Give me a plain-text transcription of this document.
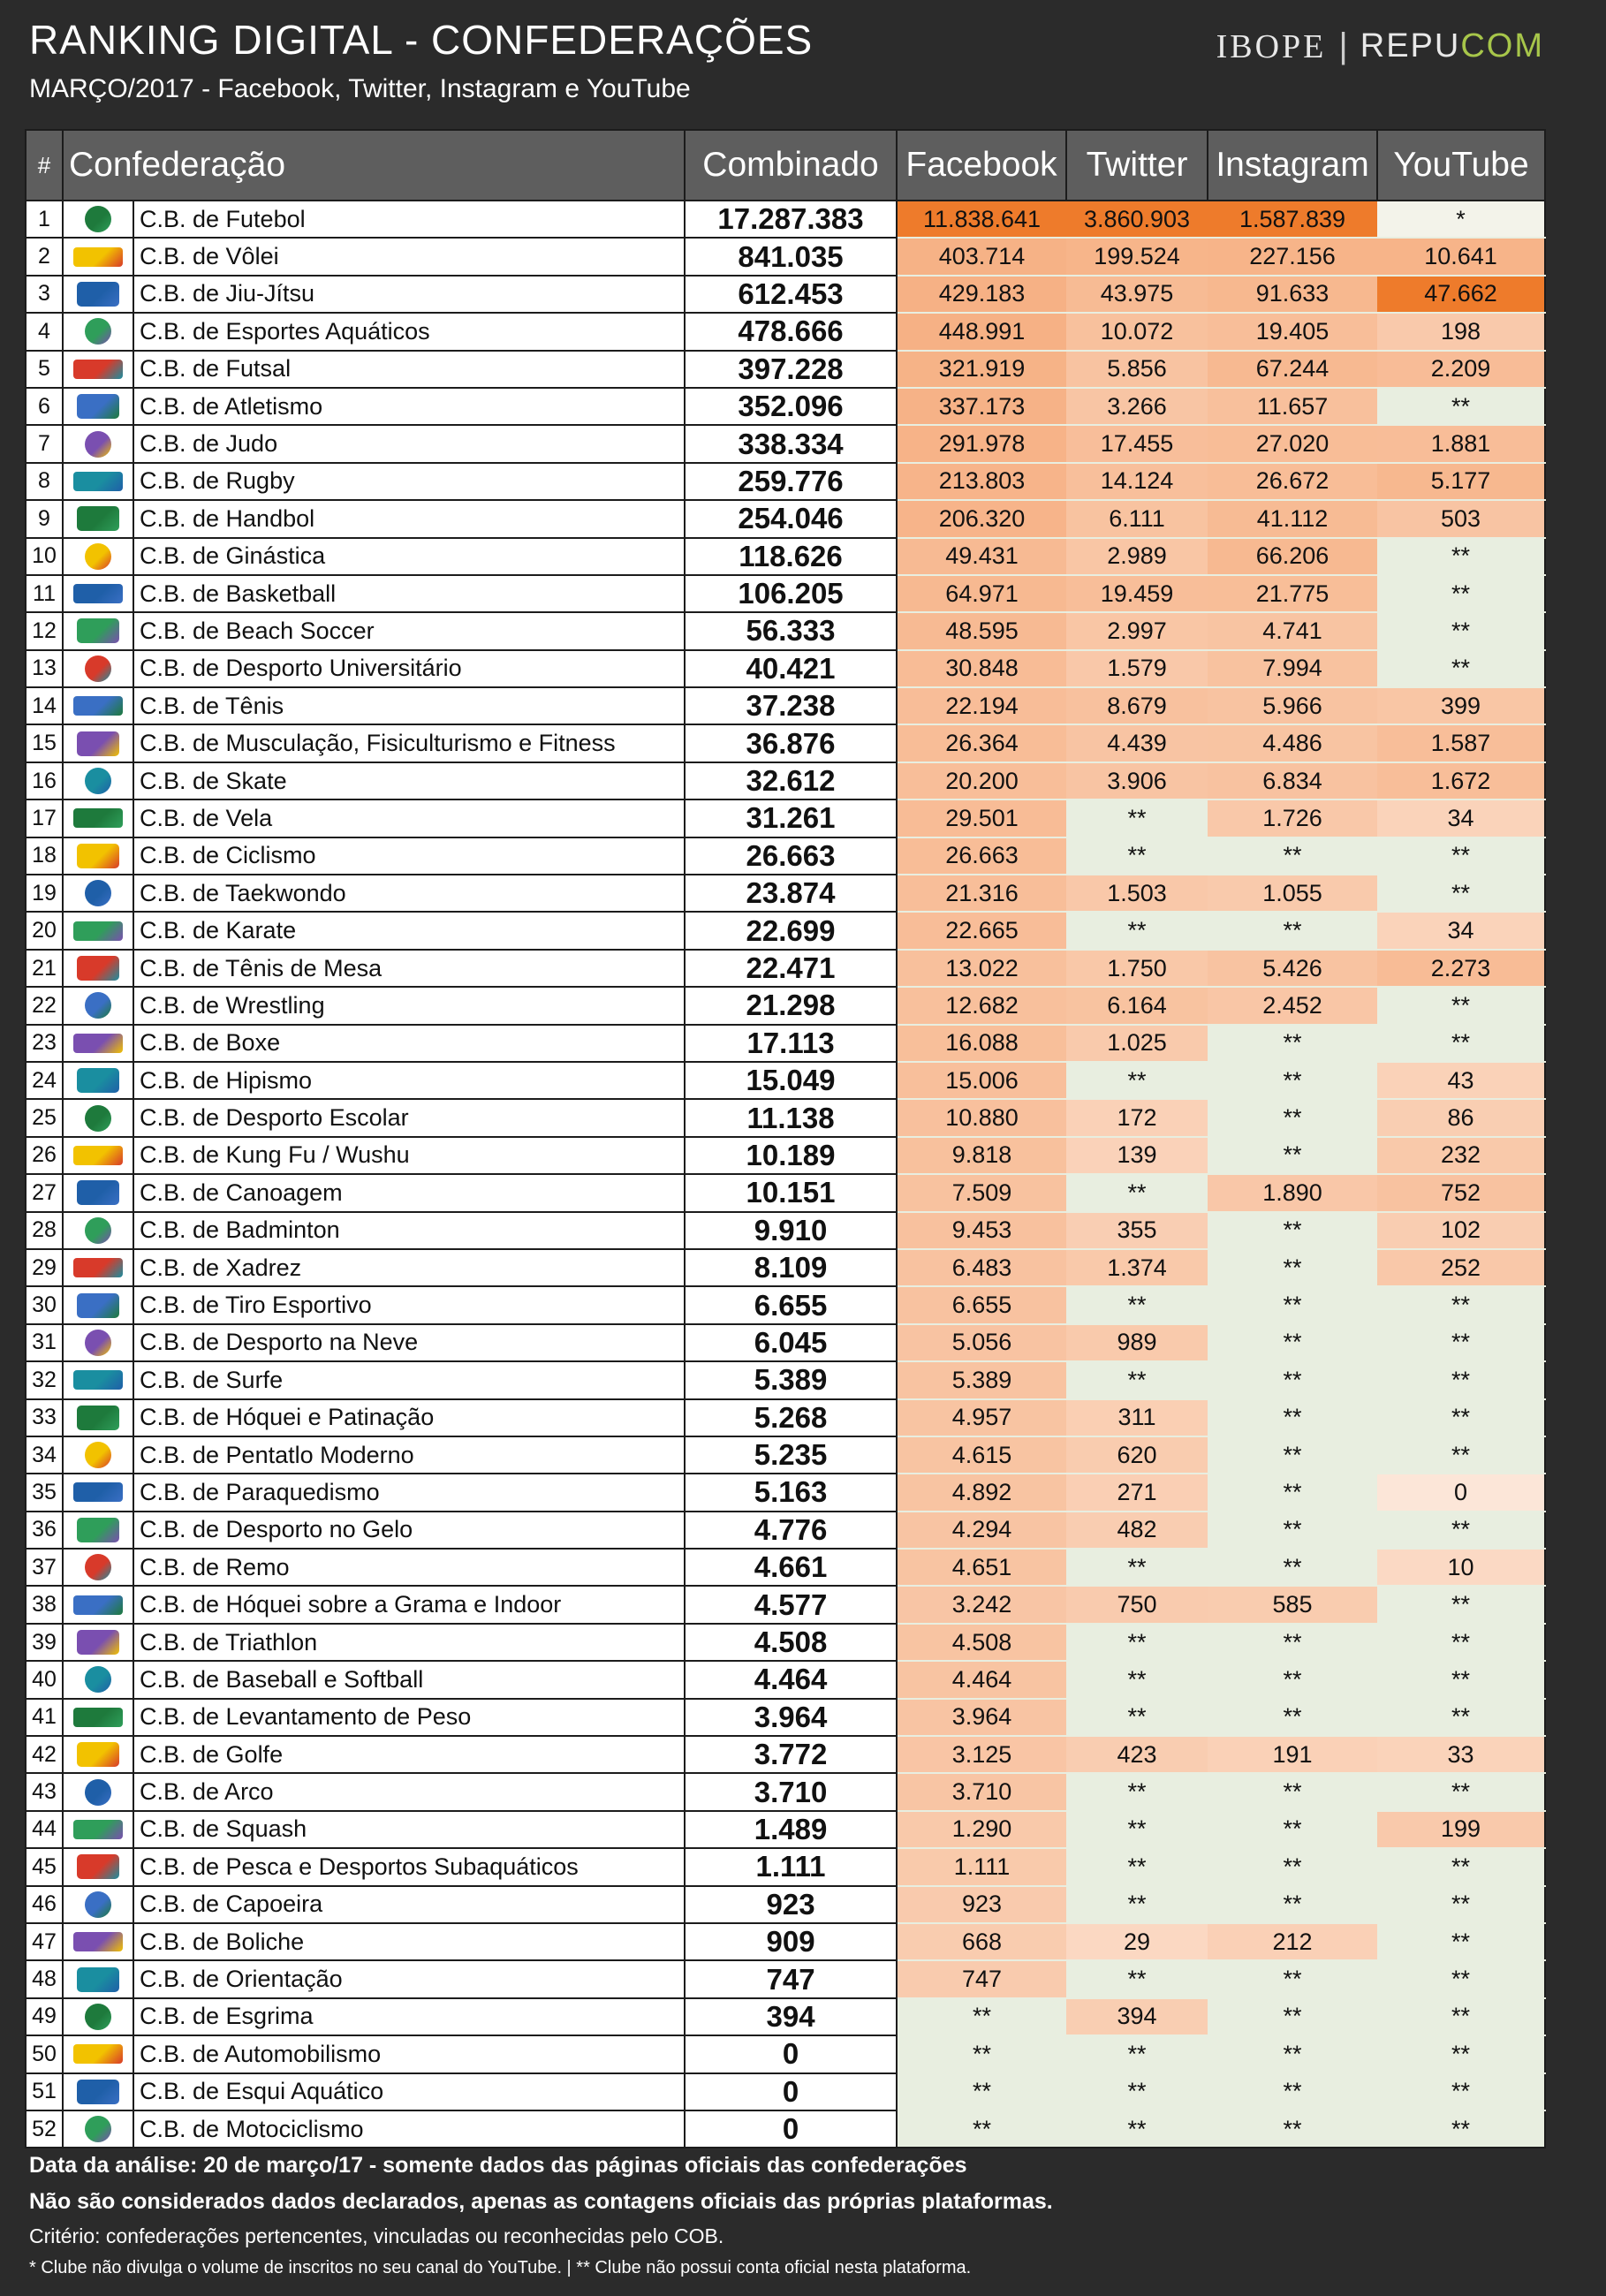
RANKING DIGITAL - CONFEDERAÇÕES
MARÇO/2017 - Facebook, Twitter, Instagram e YouTube
IBOPE | REPU COM
#	Confederação		Combinado	Facebook	Twitter	Instagram	YouTube
1		C.B. de Futebol	17.287.383	11.838.641	3.860.903	1.587.839	*
2		C.B. de Vôlei	841.035	403.714	199.524	227.156	10.641
3		C.B. de Jiu-Jítsu	612.453	429.183	43.975	91.633	47.662
4		C.B. de Esportes Aquáticos	478.666	448.991	10.072	19.405	198
5		C.B. de Futsal	397.228	321.919	5.856	67.244	2.209
6		C.B. de Atletismo	352.096	337.173	3.266	11.657	**
7		C.B. de Judo	338.334	291.978	17.455	27.020	1.881
8		C.B. de Rugby	259.776	213.803	14.124	26.672	5.177
9		C.B. de Handbol	254.046	206.320	6.111	41.112	503
10		C.B. de Ginástica	118.626	49.431	2.989	66.206	**
11		C.B. de Basketball	106.205	64.971	19.459	21.775	**
12		C.B. de Beach Soccer	56.333	48.595	2.997	4.741	**
13		C.B. de Desporto Universitário	40.421	30.848	1.579	7.994	**
14		C.B. de Tênis	37.238	22.194	8.679	5.966	399
15		C.B. de Musculação, Fisiculturismo e Fitness	36.876	26.364	4.439	4.486	1.587
16		C.B. de Skate	32.612	20.200	3.906	6.834	1.672
17		C.B. de Vela	31.261	29.501	**	1.726	34
18		C.B. de Ciclismo	26.663	26.663	**	**	**
19		C.B. de Taekwondo	23.874	21.316	1.503	1.055	**
20		C.B. de Karate	22.699	22.665	**	**	34
21		C.B. de Tênis de Mesa	22.471	13.022	1.750	5.426	2.273
22		C.B. de Wrestling	21.298	12.682	6.164	2.452	**
23		C.B. de Boxe	17.113	16.088	1.025	**	**
24		C.B. de Hipismo	15.049	15.006	**	**	43
25		C.B. de Desporto Escolar	11.138	10.880	172	**	86
26		C.B. de Kung Fu / Wushu	10.189	9.818	139	**	232
27		C.B. de Canoagem	10.151	7.509	**	1.890	752
28		C.B. de Badminton	9.910	9.453	355	**	102
29		C.B. de Xadrez	8.109	6.483	1.374	**	252
30		C.B. de Tiro Esportivo	6.655	6.655	**	**	**
31		C.B. de Desporto na Neve	6.045	5.056	989	**	**
32		C.B. de Surfe	5.389	5.389	**	**	**
33		C.B. de Hóquei e Patinação	5.268	4.957	311	**	**
34		C.B. de Pentatlo Moderno	5.235	4.615	620	**	**
35		C.B. de Paraquedismo	5.163	4.892	271	**	0
36		C.B. de Desporto no Gelo	4.776	4.294	482	**	**
37		C.B. de Remo	4.661	4.651	**	**	10
38		C.B. de Hóquei sobre a Grama e Indoor	4.577	3.242	750	585	**
39		C.B. de Triathlon	4.508	4.508	**	**	**
40		C.B. de Baseball e Softball	4.464	4.464	**	**	**
41		C.B. de Levantamento de Peso	3.964	3.964	**	**	**
42		C.B. de Golfe	3.772	3.125	423	191	33
43		C.B. de Arco	3.710	3.710	**	**	**
44		C.B. de Squash	1.489	1.290	**	**	199
45		C.B. de Pesca e Desportos Subaquáticos	1.111	1.111	**	**	**
46		C.B. de Capoeira	923	923	**	**	**
47		C.B. de Boliche	909	668	29	212	**
48		C.B. de Orientação	747	747	**	**	**
49		C.B. de Esgrima	394	**	394	**	**
50		C.B. de Automobilismo	0	**	**	**	**
51		C.B. de Esqui Aquático	0	**	**	**	**
52		C.B. de Motociclismo	0	**	**	**	**
Data da análise: 20 de março/17 - somente dados das páginas oficiais das confederações
Não são considerados dados declarados, apenas as contagens oficiais das próprias plataformas.
Critério: confederações pertencentes, vinculadas ou reconhecidas pelo COB.
* Clube não divulga o volume de inscritos no seu canal do YouTube. | ** Clube não possui conta oficial nesta plataforma.
